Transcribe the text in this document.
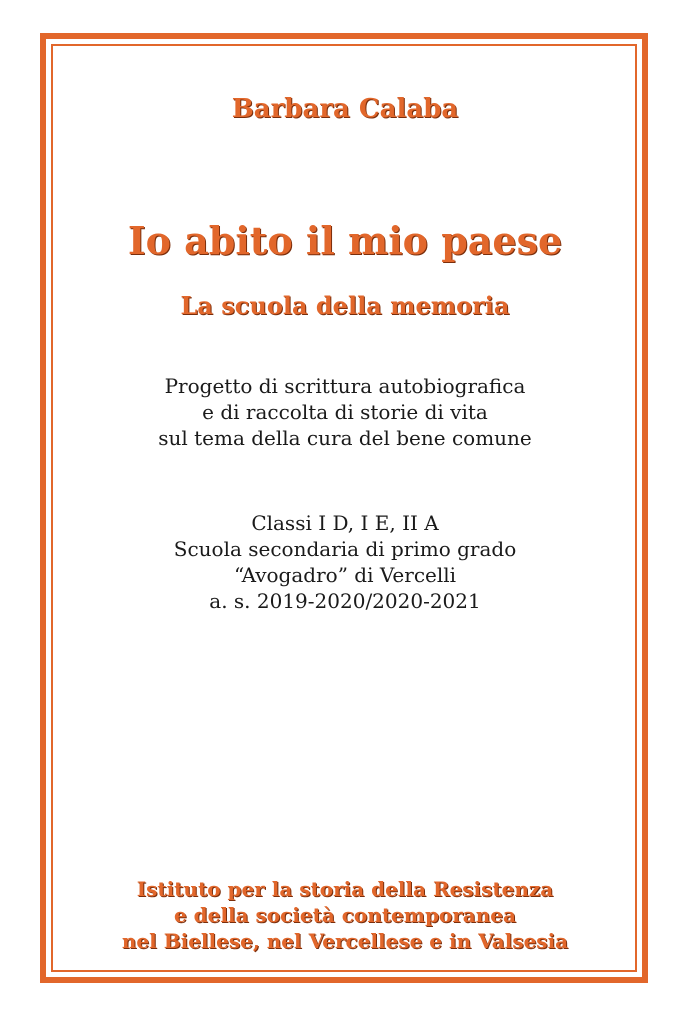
Barbara Calaba
Io abito il mio paese
La scuola della memoria
Progetto di scrittura autobiografica
e di raccolta di storie di vita
sul tema della cura del bene comune
Classi I D, I E, II A
Scuola secondaria di primo grado
“Avogadro” di Vercelli
a. s. 2019-2020/2020-2021
Istituto per la storia della Resistenza
e della società contemporanea
nel Biellese, nel Vercellese e in Valsesia
